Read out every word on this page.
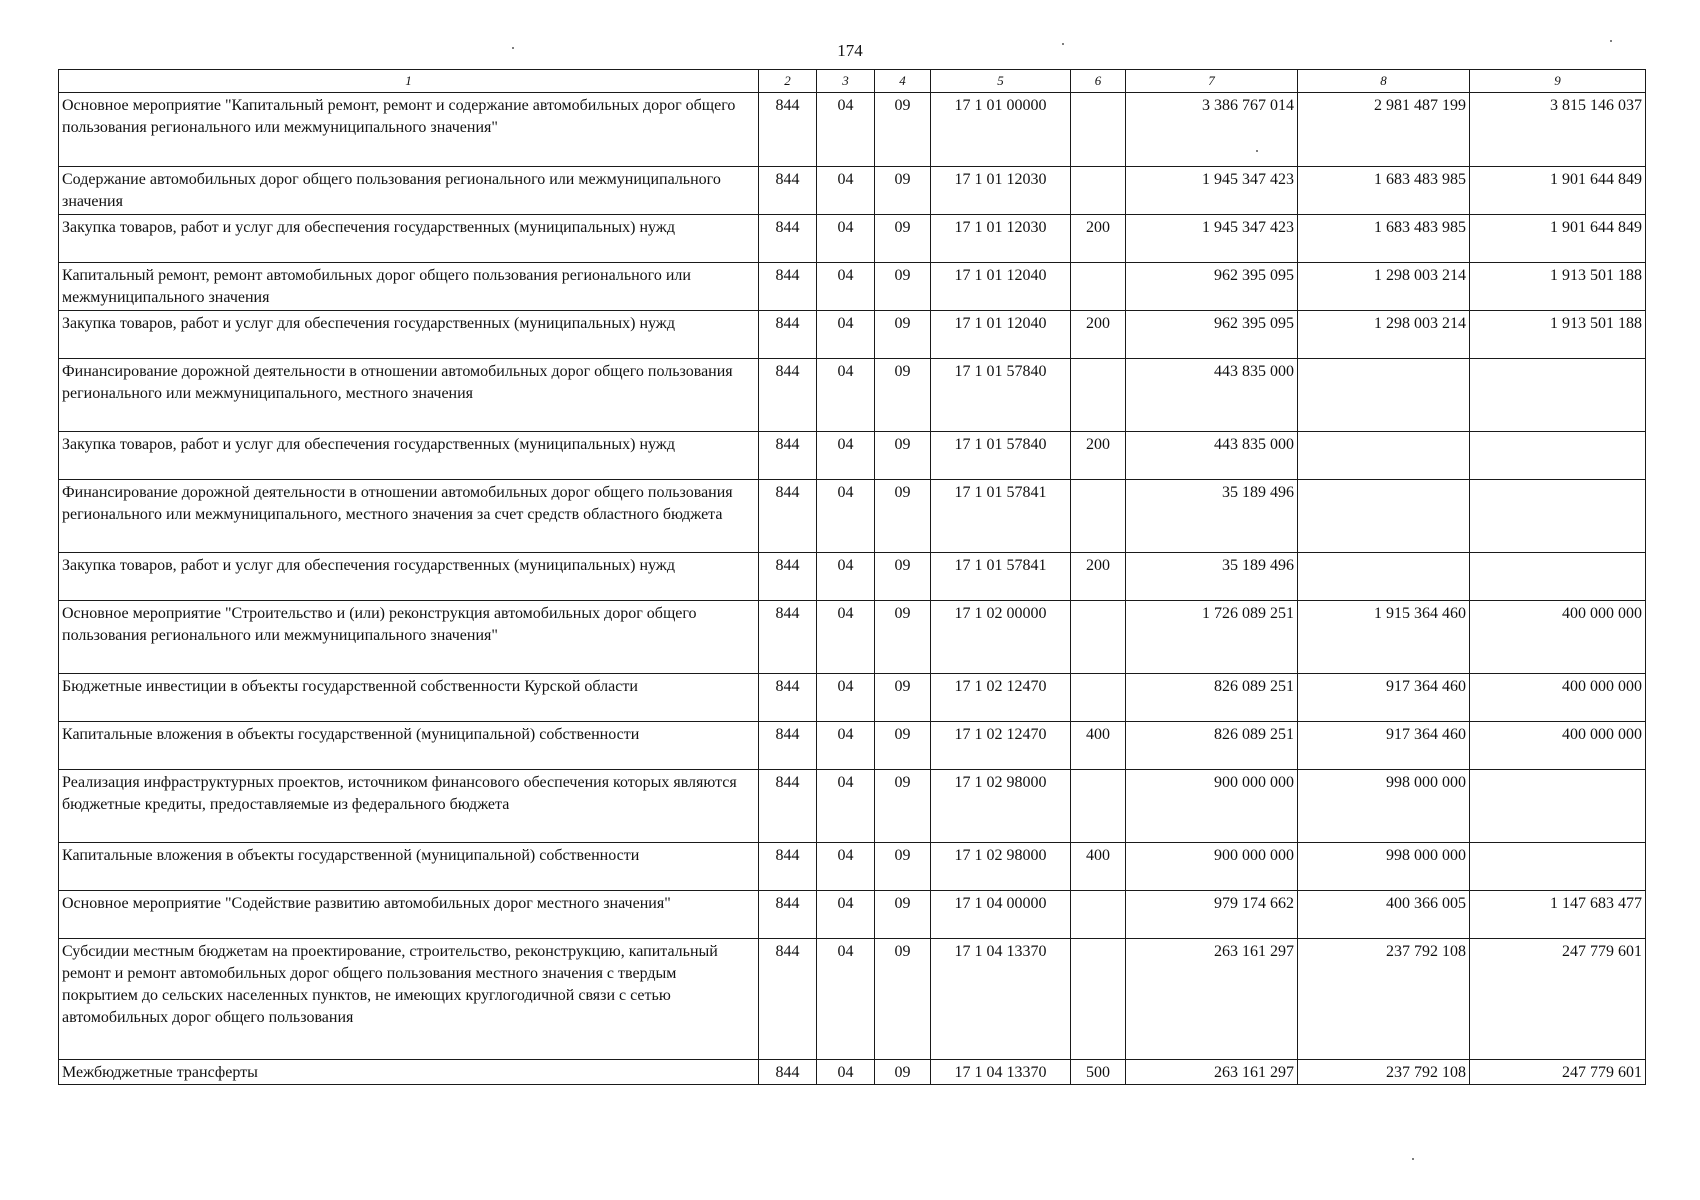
174
1	2	3	4	5	6	7	8	9
Основное мероприятие "Капитальный ремонт, ремонт и содержание автомобильных дорог общего пользования регионального или межмуниципального значения"	844	04	09	17 1 01 00000		3 386 767 014	2 981 487 199	3 815 146 037
Содержание автомобильных дорог общего пользования регионального или межмуниципального значения	844	04	09	17 1 01 12030		1 945 347 423	1 683 483 985	1 901 644 849
Закупка товаров, работ и услуг для обеспечения государственных (муниципальных) нужд	844	04	09	17 1 01 12030	200	1 945 347 423	1 683 483 985	1 901 644 849
Капитальный ремонт, ремонт автомобильных дорог общего пользования регионального или межмуниципального значения	844	04	09	17 1 01 12040		962 395 095	1 298 003 214	1 913 501 188
Закупка товаров, работ и услуг для обеспечения государственных (муниципальных) нужд	844	04	09	17 1 01 12040	200	962 395 095	1 298 003 214	1 913 501 188
Финансирование дорожной деятельности в отношении автомобильных дорог общего пользования регионального или межмуниципального, местного значения	844	04	09	17 1 01 57840		443 835 000		
Закупка товаров, работ и услуг для обеспечения государственных (муниципальных) нужд	844	04	09	17 1 01 57840	200	443 835 000		
Финансирование дорожной деятельности в отношении автомобильных дорог общего пользования регионального или межмуниципального, местного значения за счет средств областного бюджета	844	04	09	17 1 01 57841		35 189 496		
Закупка товаров, работ и услуг для обеспечения государственных (муниципальных) нужд	844	04	09	17 1 01 57841	200	35 189 496		
Основное мероприятие "Строительство и (или) реконструкция автомобильных дорог общего пользования регионального или межмуниципального значения"	844	04	09	17 1 02 00000		1 726 089 251	1 915 364 460	400 000 000
Бюджетные инвестиции в объекты государственной собственности Курской области	844	04	09	17 1 02 12470		826 089 251	917 364 460	400 000 000
Капитальные вложения в объекты государственной (муниципальной) собственности	844	04	09	17 1 02 12470	400	826 089 251	917 364 460	400 000 000
Реализация инфраструктурных проектов, источником финансового обеспечения которых являются бюджетные кредиты, предоставляемые из федерального бюджета	844	04	09	17 1 02 98000		900 000 000	998 000 000	
Капитальные вложения в объекты государственной (муниципальной) собственности	844	04	09	17 1 02 98000	400	900 000 000	998 000 000	
Основное мероприятие "Содействие развитию автомобильных дорог местного значения"	844	04	09	17 1 04 00000		979 174 662	400 366 005	1 147 683 477
Субсидии местным бюджетам на проектирование, строительство, реконструкцию, капитальный ремонт и ремонт автомобильных дорог общего пользования местного значения с твердым покрытием до сельских населенных пунктов, не имеющих круглогодичной связи с сетью автомобильных дорог общего пользования	844	04	09	17 1 04 13370		263 161 297	237 792 108	247 779 601
Межбюджетные трансферты	844	04	09	17 1 04 13370	500	263 161 297	237 792 108	247 779 601
